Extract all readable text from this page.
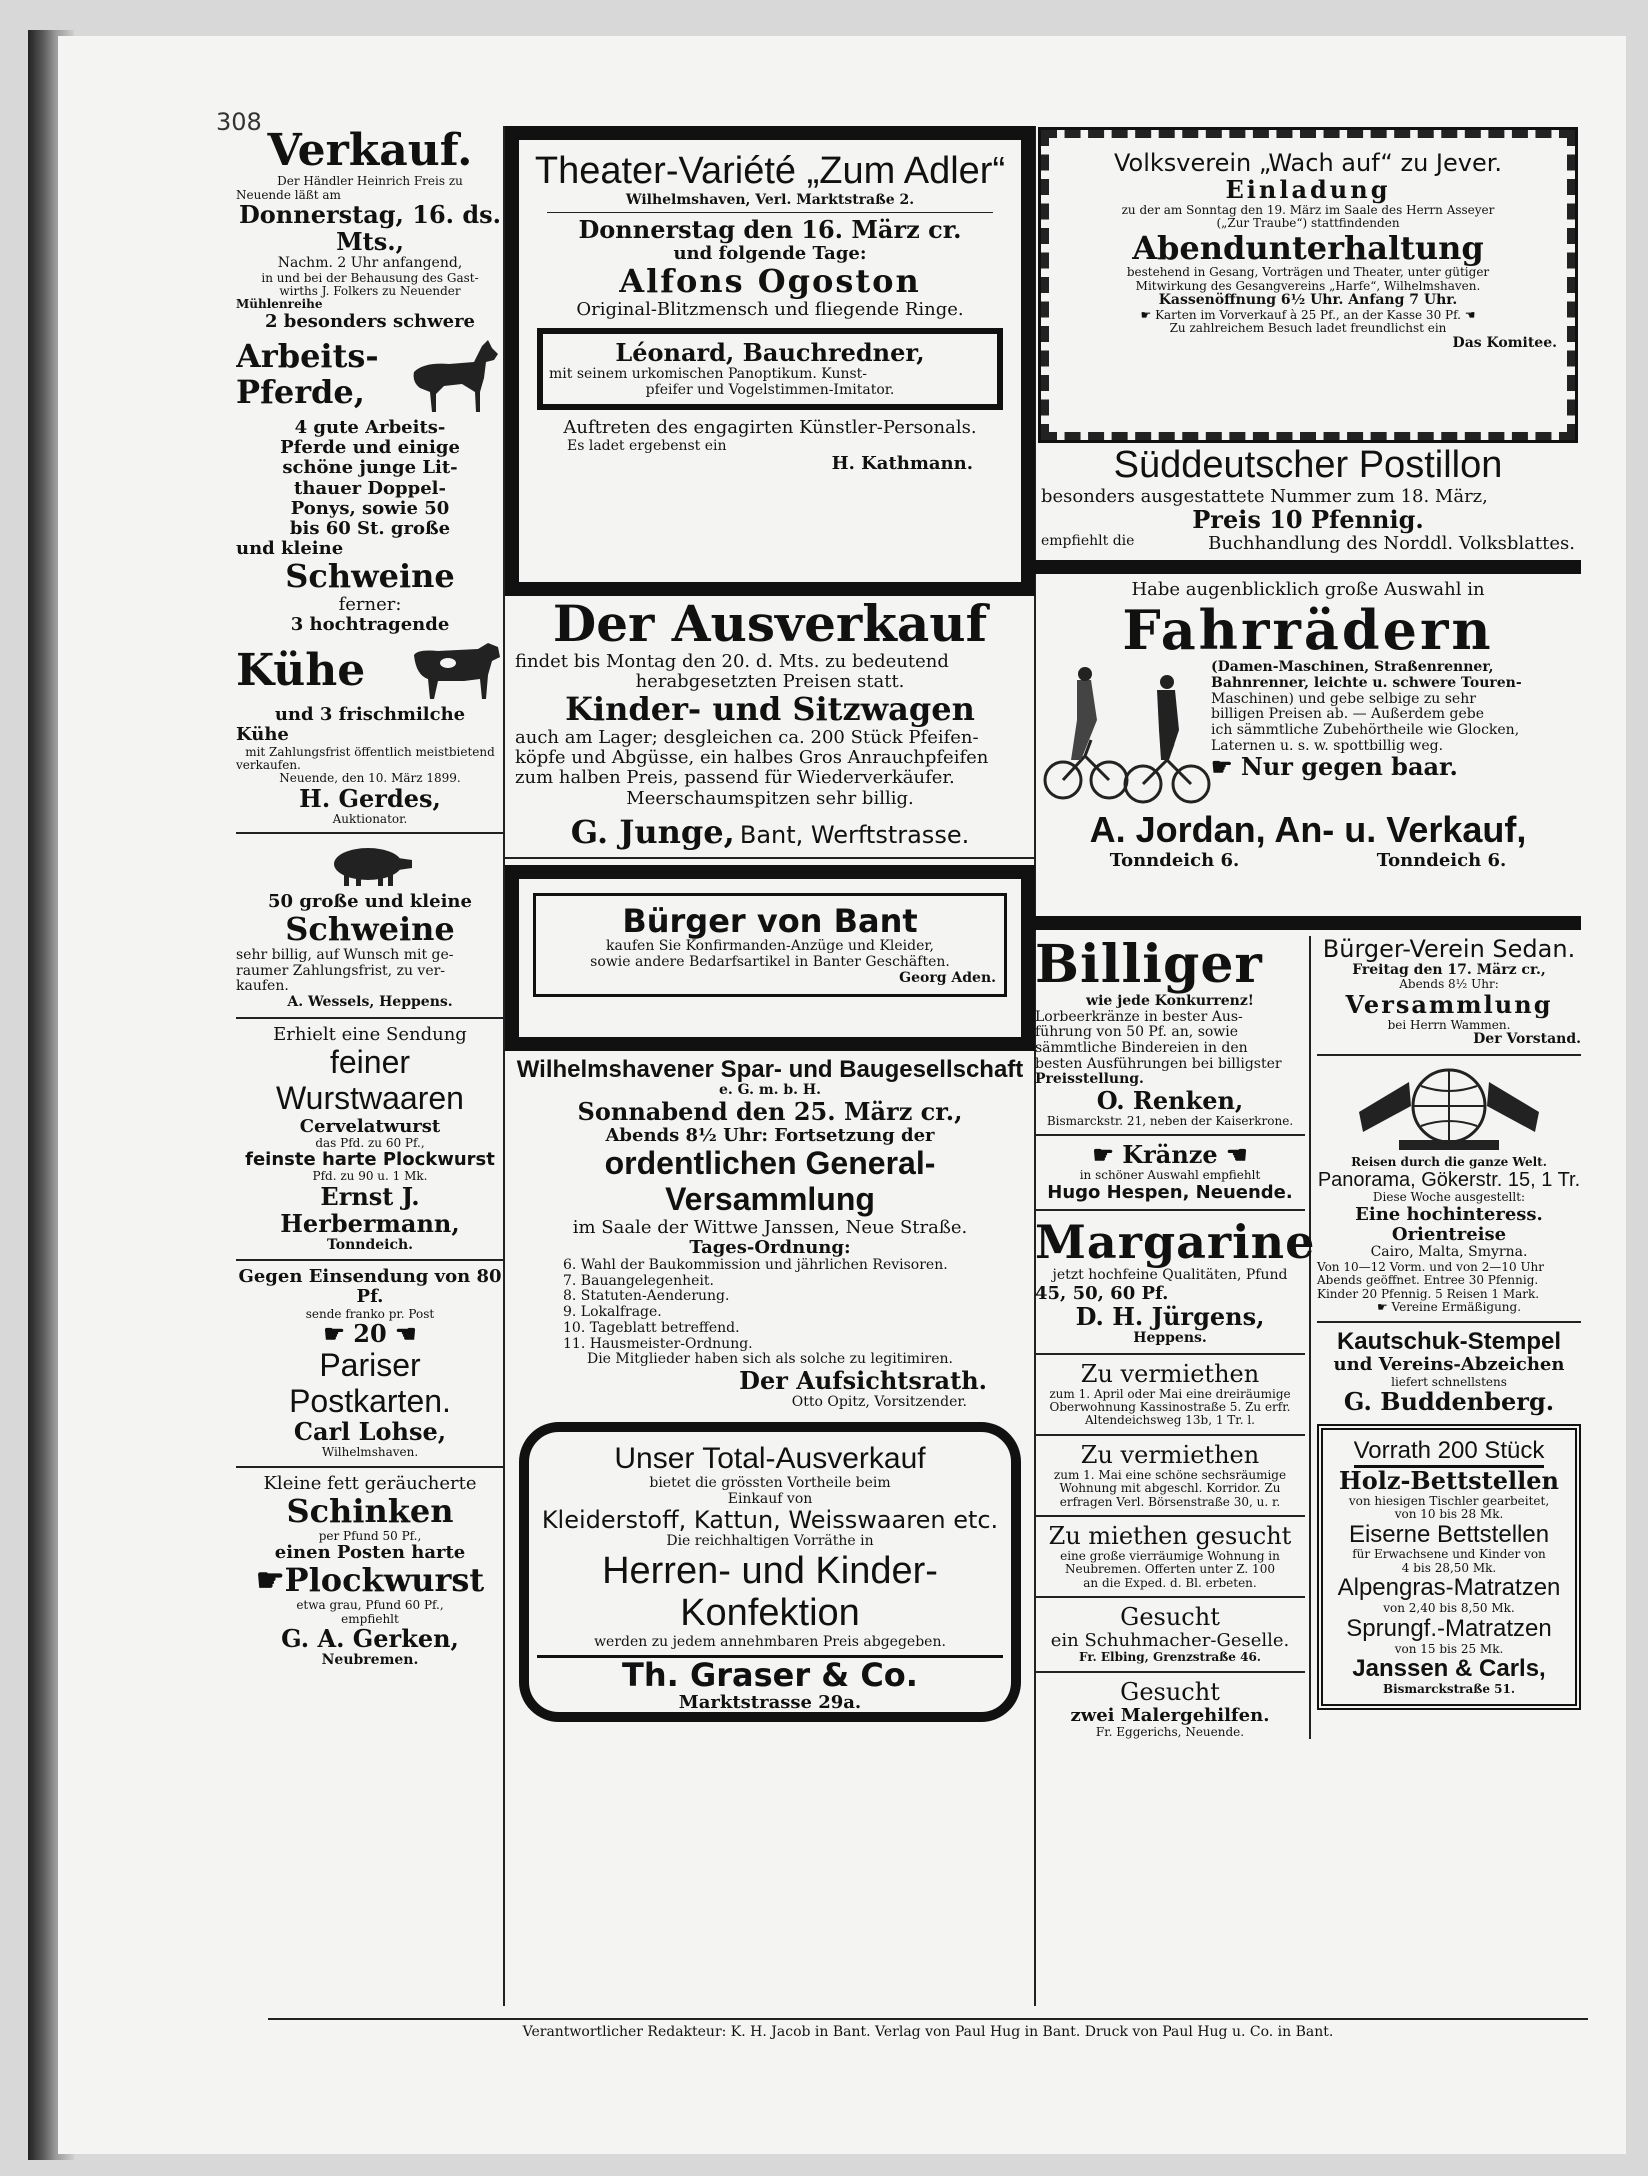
308
Verkauf.
Der Händler Heinrich Freis zu
Neuende läßt am
Donnerstag, 16. ds. Mts.,
Nachm. 2 Uhr anfangend,
in und bei der Behausung des Gast-
wirths J. Folkers zu Neuender
Mühlenreihe
2 besonders schwere
Arbeits-
Pferde,
4 gute Arbeits-
Pferde und einige
schöne junge Lit-
thauer Doppel-
Ponys, sowie 50
bis 60 St. große
und kleine
Schweine
ferner:
3 hochtragende
Kühe
und 3 frischmilche
Kühe
mit Zahlungsfrist öffentlich meistbietend
verkaufen.
Neuende, den 10. März 1899.
H. Gerdes,
Auktionator.
50 große und kleine
Schweine
sehr billig, auf Wunsch mit ge-
raumer Zahlungsfrist, zu ver-
kaufen.
A. Wessels, Heppens.
Erhielt eine Sendung
feiner Wurstwaaren
Cervelatwurst
das Pfd. zu 60 Pf.,
feinste harte Plockwurst
Pfd. zu 90 u. 1 Mk.
Ernst J. Herbermann,
Tonndeich.
Gegen Einsendung von 80 Pf.
sende franko pr. Post
☛ 20 ☚
Pariser Postkarten.
Carl Lohse,
Wilhelmshaven.
Kleine fett geräucherte
Schinken
per Pfund 50 Pf.,
einen Posten harte
☛Plockwurst
etwa grau, Pfund 60 Pf.,
empfiehlt
G. A. Gerken,
Neubremen.
Theater-Variété „Zum Adler“
Wilhelmshaven, Verl. Marktstraße 2.
Donnerstag den 16. März cr.
und folgende Tage:
Alfons Ogoston
Original-Blitzmensch und fliegende Ringe.
Léonard, Bauchredner,
mit seinem urkomischen Panoptikum. Kunst-
pfeifer und Vogelstimmen-Imitator.
Auftreten des engagirten Künstler-Personals.
Es ladet ergebenst ein
H. Kathmann.
Der Ausverkauf
findet bis Montag den 20. d. Mts. zu bedeutend
herabgesetzten Preisen statt.
Kinder- und Sitzwagen
auch am Lager; desgleichen ca. 200 Stück Pfeifen-
köpfe und Abgüsse, ein halbes Gros Anrauchpfeifen
zum halben Preis, passend für Wiederverkäufer.
Meerschaumspitzen sehr billig.
G. Junge, Bant, Werftstrasse.
Bürger von Bant
kaufen Sie Konfirmanden-Anzüge und Kleider,
sowie andere Bedarfsartikel in Banter Geschäften.
Georg Aden.
Wilhelmshavener Spar- und Baugesellschaft
e. G. m. b. H.
Sonnabend den 25. März cr.,
Abends 8½ Uhr: Fortsetzung der
ordentlichen General-Versammlung
im Saale der Wittwe Janssen, Neue Straße.
Tages-Ordnung:
6. Wahl der Baukommission und jährlichen Revisoren.
7. Bauangelegenheit.
8. Statuten-Aenderung.
9. Lokalfrage.
10. Tageblatt betreffend.
11. Hausmeister-Ordnung.
Die Mitglieder haben sich als solche zu legitimiren.
Der Aufsichtsrath.
Otto Opitz, Vorsitzender.
Unser Total-Ausverkauf
bietet die grössten Vortheile beim
Einkauf von
Kleiderstoff, Kattun, Weisswaaren etc.
Die reichhaltigen Vorräthe in
Herren- und Kinder-Konfektion
werden zu jedem annehmbaren Preis abgegeben.
Th. Graser & Co.
Marktstrasse 29a.
Volksverein „Wach auf“ zu Jever.
Einladung
zu der am Sonntag den 19. März im Saale des Herrn Asseyer
(„Zur Traube“) stattfindenden
Abendunterhaltung
bestehend in Gesang, Vorträgen und Theater, unter gütiger
Mitwirkung des Gesangvereins „Harfe“, Wilhelmshaven.
Kassenöffnung 6½ Uhr. Anfang 7 Uhr.
☛ Karten im Vorverkauf à 25 Pf., an der Kasse 30 Pf. ☚
Zu zahlreichem Besuch ladet freundlichst ein
Das Komitee.
Süddeutscher Postillon
besonders ausgestattete Nummer zum 18. März,
Preis 10 Pfennig.
empfiehlt die	Buchhandlung des Norddl. Volksblattes.
Habe augenblicklich große Auswahl in
Fahrrädern
(Damen-Maschinen, Straßenrenner,
Bahnrenner, leichte u. schwere Touren-
Maschinen) und gebe selbige zu sehr
billigen Preisen ab. — Außerdem gebe
ich sämmtliche Zubehörtheile wie Glocken,
Laternen u. s. w. spottbillig weg.
☛ Nur gegen baar.
A. Jordan, An- u. Verkauf,
Tonndeich 6.	Tonndeich 6.
Billiger
wie jede Konkurrenz!
Lorbeerkränze in bester Aus-
führung von 50 Pf. an, sowie
sämmtliche Bindereien in den
besten Ausführungen bei billigster
Preisstellung.
O. Renken,
Bismarckstr. 21, neben der Kaiserkrone.
☛ Kränze ☚
in schöner Auswahl empfiehlt
Hugo Hespen, Neuende.
Margarine
jetzt hochfeine Qualitäten, Pfund
45, 50, 60 Pf.
D. H. Jürgens,
Heppens.
Zu vermiethen
zum 1. April oder Mai eine dreiräumige
Oberwohnung Kassinostraße 5. Zu erfr.
Altendeichsweg 13b, 1 Tr. l.
Zu vermiethen
zum 1. Mai eine schöne sechsräumige
Wohnung mit abgeschl. Korridor. Zu
erfragen Verl. Börsenstraße 30, u. r.
Zu miethen gesucht
eine große vierräumige Wohnung in
Neubremen. Offerten unter Z. 100
an die Exped. d. Bl. erbeten.
Gesucht
ein Schuhmacher-Geselle.
Fr. Elbing, Grenzstraße 46.
Gesucht
zwei Malergehilfen.
Fr. Eggerichs, Neuende.
Bürger-Verein Sedan.
Freitag den 17. März cr.,
Abends 8½ Uhr:
Versammlung
bei Herrn Wammen.
Der Vorstand.
Reisen durch die ganze Welt.
Panorama, Gökerstr. 15, 1 Tr.
Diese Woche ausgestellt:
Eine hochinteress. Orientreise
Cairo, Malta, Smyrna.
Von 10—12 Vorm. und von 2—10 Uhr
Abends geöffnet. Entree 30 Pfennig.
Kinder 20 Pfennig. 5 Reisen 1 Mark.
☛ Vereine Ermäßigung.
Kautschuk-Stempel
und Vereins-Abzeichen
liefert schnellstens
G. Buddenberg.
Vorrath 200 Stück
Holz-Bettstellen
von hiesigen Tischler gearbeitet,
von 10 bis 28 Mk.
Eiserne Bettstellen
für Erwachsene und Kinder von
4 bis 28,50 Mk.
Alpengras-Matratzen
von 2,40 bis 8,50 Mk.
Sprungf.-Matratzen
von 15 bis 25 Mk.
Janssen & Carls,
Bismarckstraße 51.
Verantwortlicher Redakteur: K. H. Jacob in Bant. Verlag von Paul Hug in Bant. Druck von Paul Hug u. Co. in Bant.
